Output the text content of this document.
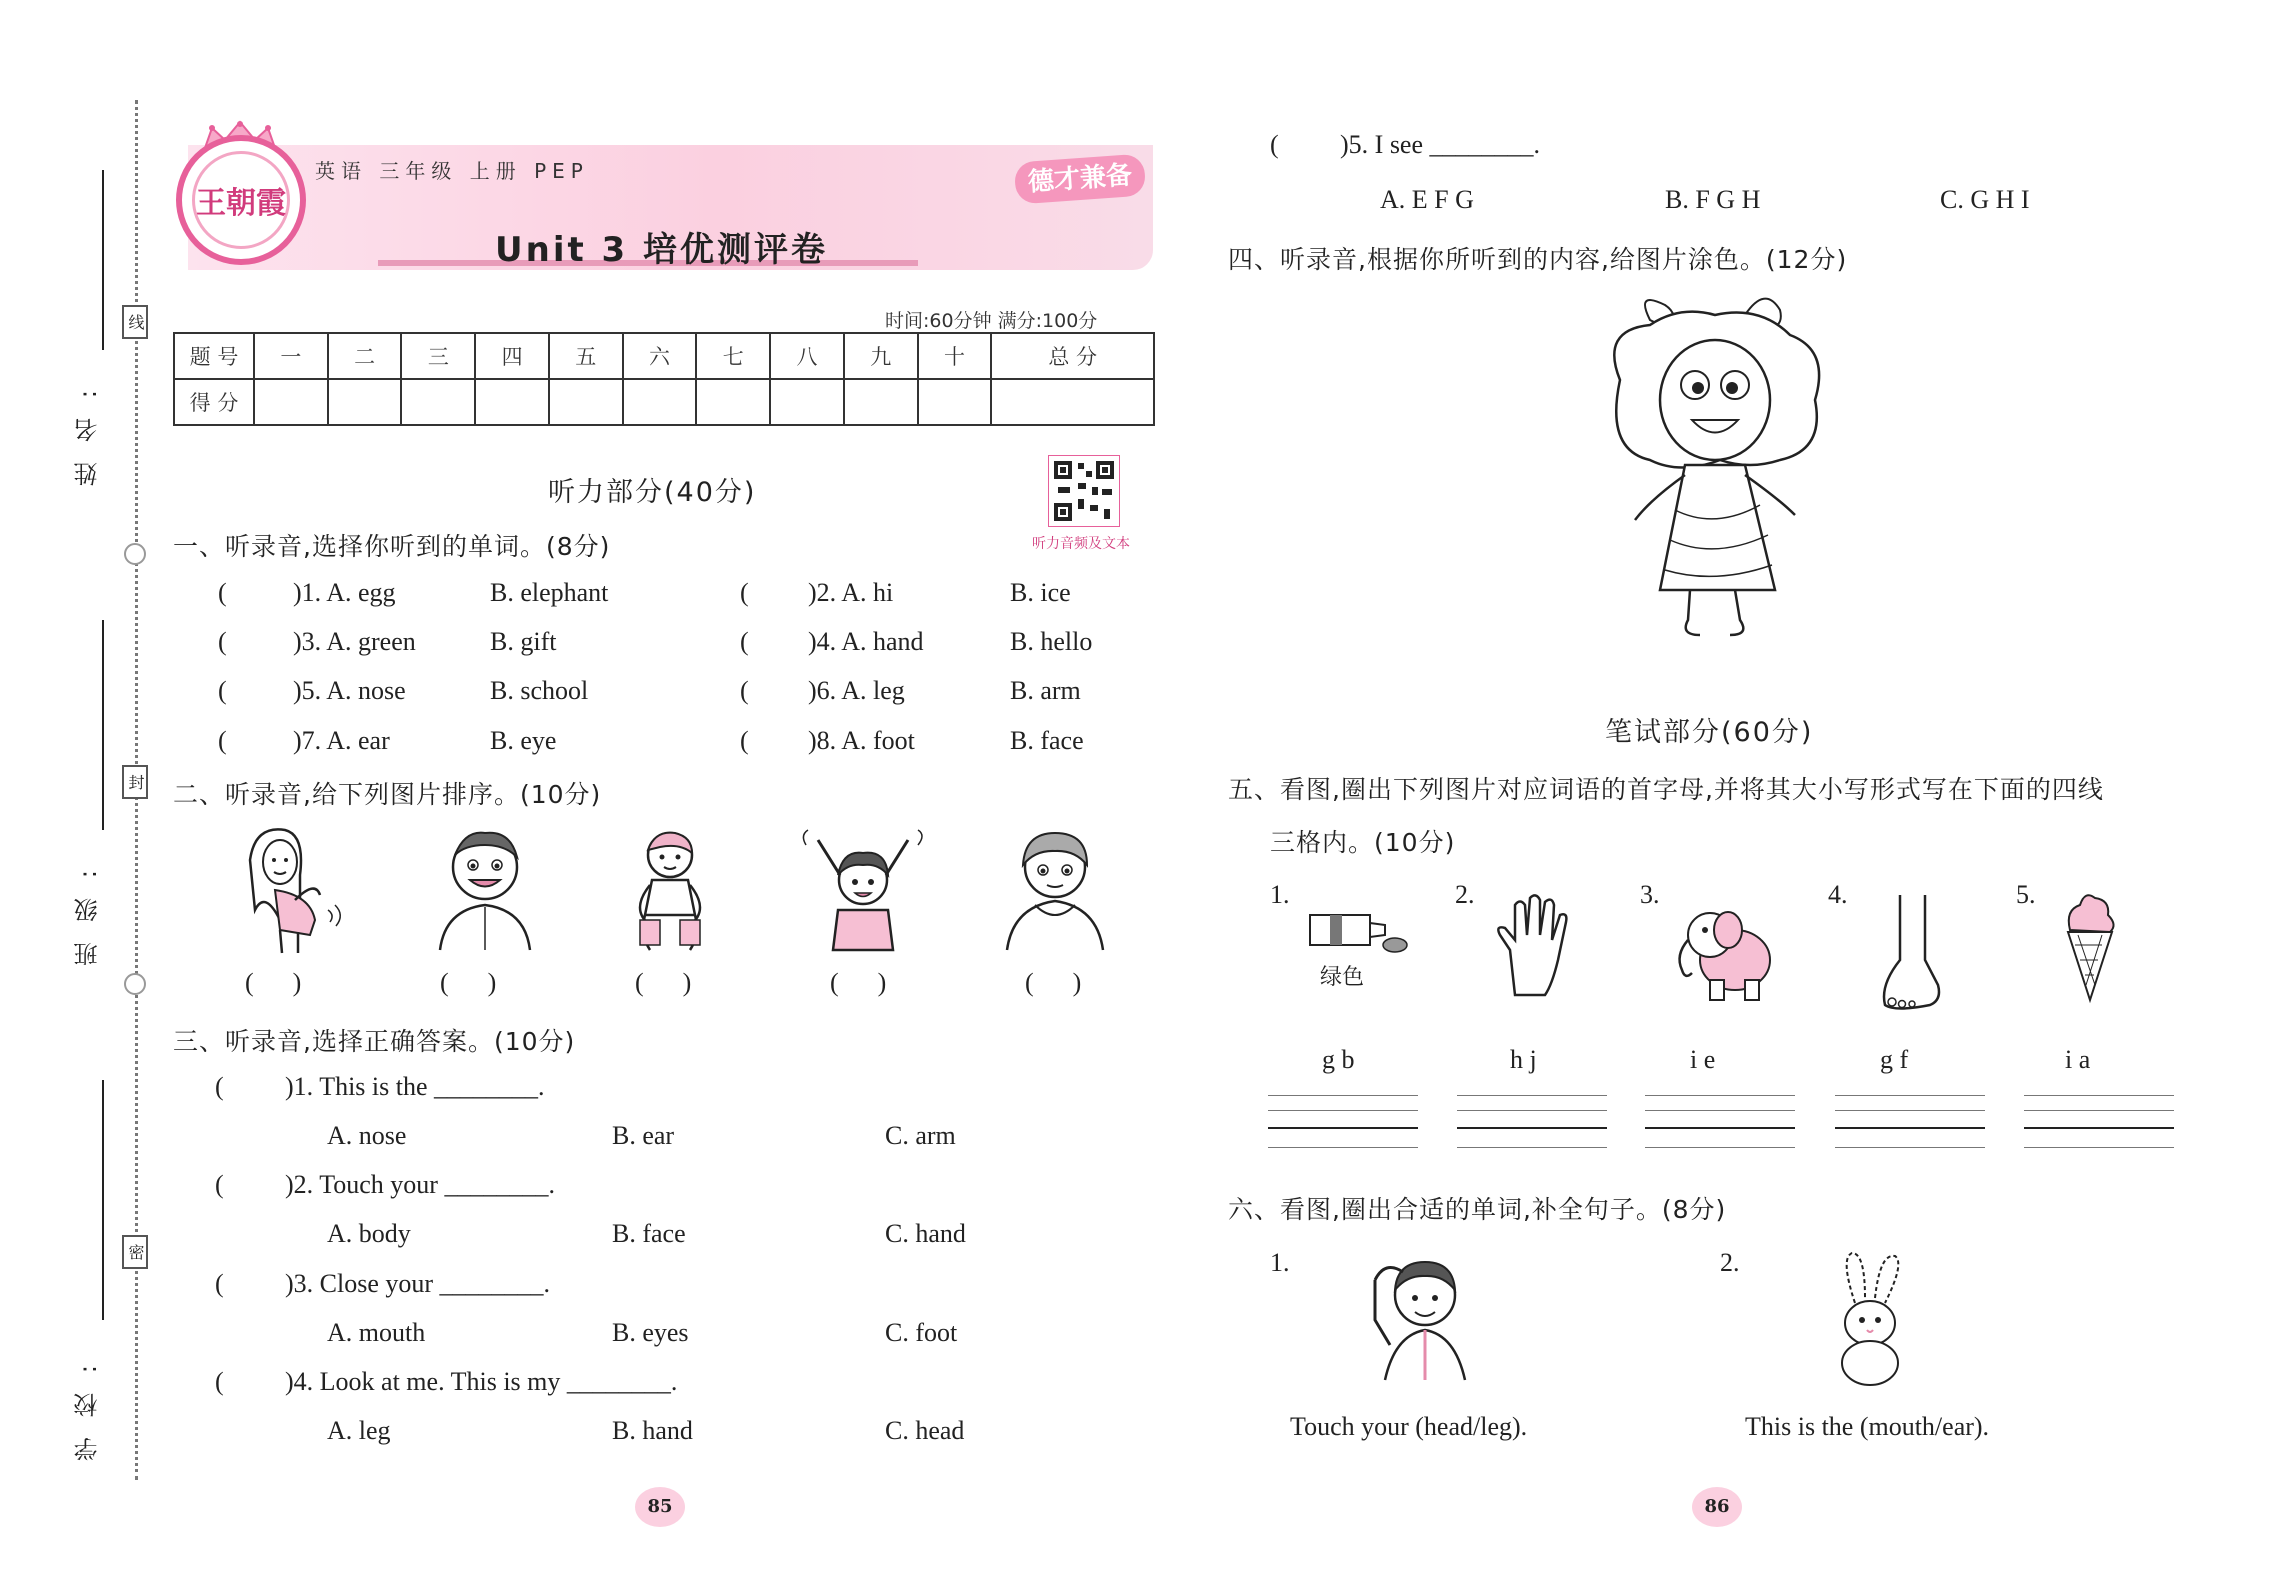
姓名:
线
班级:
封
学校:
密
王朝霞
英语 三年级 上册 PEP	德才兼备
Unit 3 培优测评卷
时间:60分钟 满分:100分
题 号	一	二	三	四	五	六	七	八	九	十	总 分
得 分											
听力部分(40分)
听力音频及文本
一、听录音,选择你听到的单词。(8分)
(	)1. A. egg	B. elephant	( )2. A. hi	B. ice
(	)3. A. green	B. gift	( )4. A. hand	B. hello
(	)5. A. nose	B. school	( )6. A. leg	B. arm
(	)7. A. ear	B. eye	( )8. A. foot	B. face
二、听录音,给下列图片排序。(10分)
(      )	(      )	(      )	(      )	(      )
三、听录音,选择正确答案。(10分)
( )1. This is the ________.
A. nose	B. ear	C. arm
( )2. Touch your ________.
A. body	B. face	C. hand
( )3. Close your ________.
A. mouth	B. eyes	C. foot
( )4. Look at me. This is my ________.
A. leg	B. hand	C. head
85
( )5. I see ________.
A. E F G	B. F G H	C. G H I
四、听录音,根据你所听到的内容,给图片涂色。(12分)
笔试部分(60分)
五、看图,圈出下列图片对应词语的首字母,并将其大小写形式写在下面的四线
三格内。(10分)
1.
绿色
g b
2.
h j
3.
i e
4.
g f
5.
i a
六、看图,圈出合适的单词,补全句子。(8分)
1.
Touch your (head/leg).
2.
This is the (mouth/ear).
86
